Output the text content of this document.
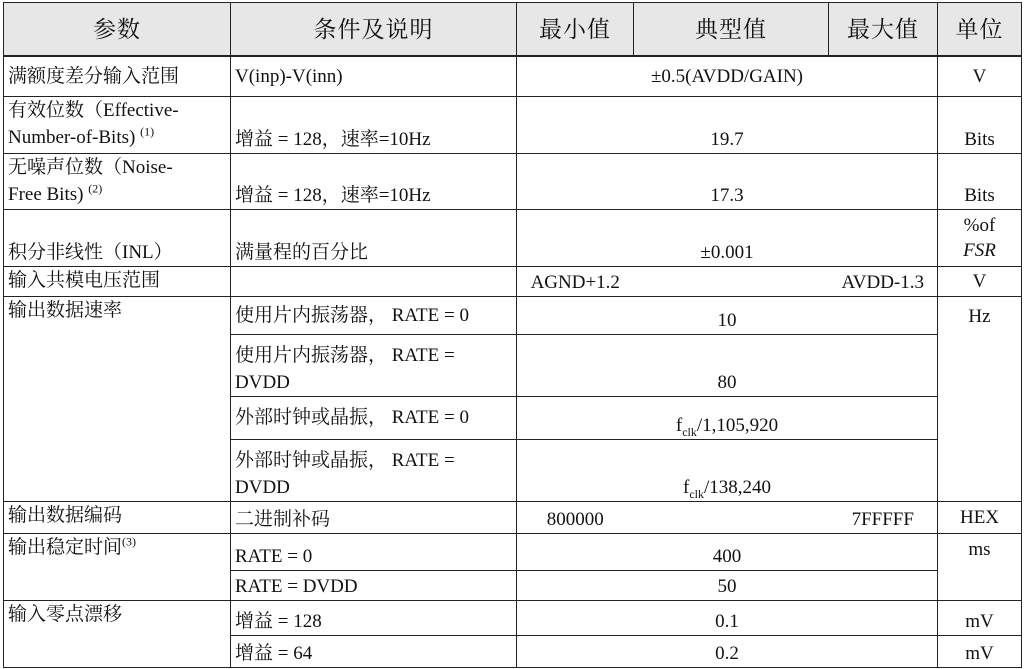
参数	条件及说明	最小值	典型值	最大值	单位
满额度差分输入范围	V(inp)-V(inn)	±0.5(AVDD/GAIN)			V
有效位数（Effective-
Number-of-Bits) $^{(1)}$	增益 = 128，速率=10Hz	19.7			Bits
无噪声位数（Noise-
Free Bits) $^{(2)}$	增益 = 128，速率=10Hz	17.3			Bits
积分非线性（INL）	满量程的百分比	±0.001			%of
FSR

输入共模电压范围		AGND+1.2		AVDD-1.3	V
输出数据速率	使用片内振荡器， RATE = 0	10			Hz
	使用片内振荡器， RATE =
DVDD	80			
	外部时钟或晶振， RATE = 0	$f_{clk}/1,105,920$			
	外部时钟或晶振， RATE =
DVDD	$f_{clk}/138,240$			
输出数据编码	二进制补码	800000		7FFFFF	HEX
输出稳定时间$^{(3)}$	RATE = 0	400			ms
	RATE = DVDD	50			
输入零点漂移	增益 = 128	0.1			mV
	增益 = 64	0.2			mV
